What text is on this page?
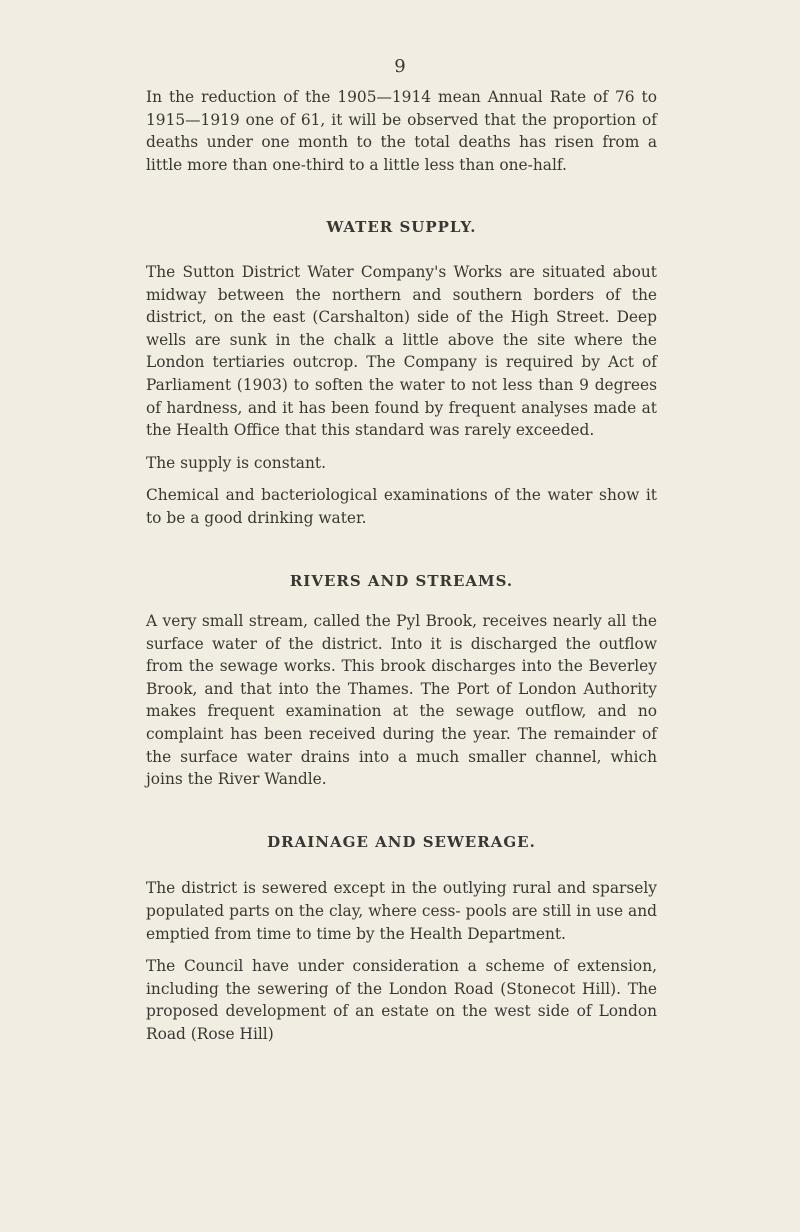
9

In the reduction of the 1905—1914 mean Annual Rate of 76 to 1915—1919 one of 61, it will be observed that the proportion of deaths under one month to the total deaths has risen from a little more than one-third to a little less than one-half.

WATER SUPPLY.

The Sutton District Water Company's Works are situated about midway between the northern and southern borders of the district, on the east (Carshalton) side of the High Street. Deep wells are sunk in the chalk a little above the site where the London tertiaries outcrop. The Company is required by Act of Parliament (1903) to soften the water to not less than 9 degrees of hardness, and it has been found by frequent analyses made at the Health Office that this standard was rarely exceeded.

The supply is constant.

Chemical and bacteriological examinations of the water show it to be a good drinking water.

RIVERS AND STREAMS.

A very small stream, called the Pyl Brook, receives nearly all the surface water of the district. Into it is discharged the outflow from the sewage works. This brook discharges into the Beverley Brook, and that into the Thames. The Port of London Authority makes frequent examination at the sewage outflow, and no complaint has been received during the year. The remainder of the surface water drains into a much smaller channel, which joins the River Wandle.

DRAINAGE AND SEWERAGE.

The district is sewered except in the outlying rural and sparsely populated parts on the clay, where cess- pools are still in use and emptied from time to time by the Health Department.

The Council have under consideration a scheme of extension, including the sewering of the London Road (Stonecot Hill). The proposed development of an estate on the west side of London Road (Rose Hill)
